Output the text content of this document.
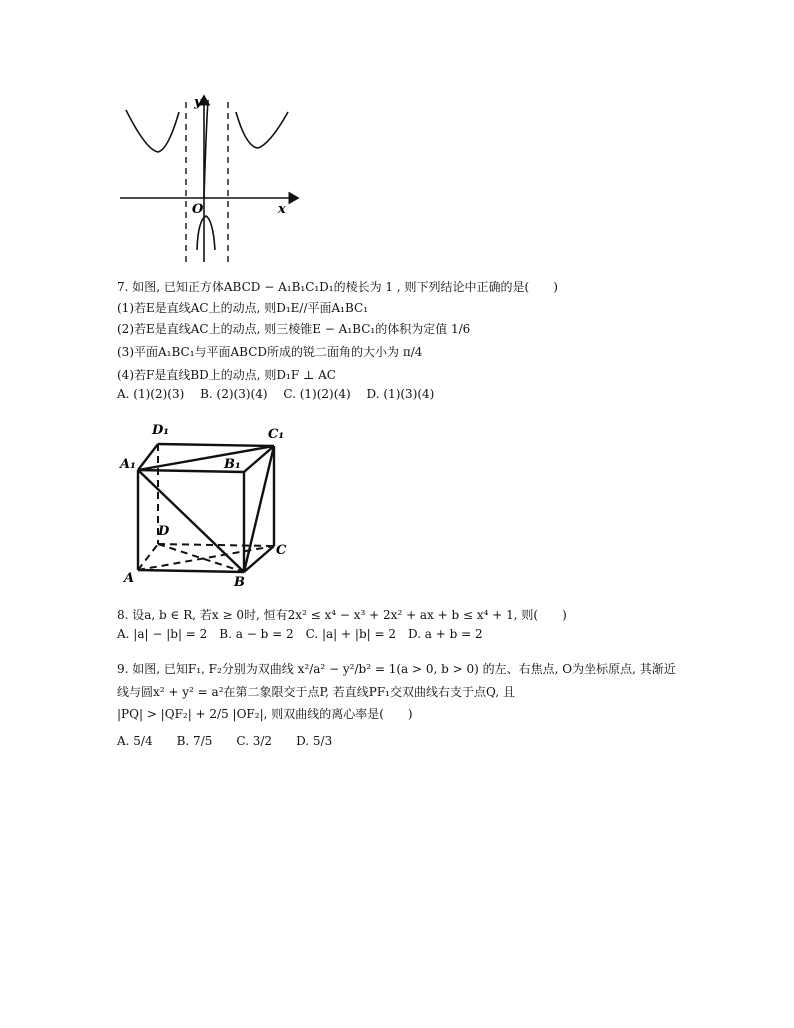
y
x
O
7. 如图, 已知正方体ABCD − A₁B₁C₁D₁的棱长为 1 , 则下列结论中正确的是(　　)
(1)若E是直线AC上的动点, 则D₁E//平面A₁BC₁
(2)若E是直线AC上的动点, 则三棱锥E − A₁BC₁的体积为定值 1/6
(3)平面A₁BC₁与平面ABCD所成的锐二面角的大小为 π/4
(4)若F是直线BD上的动点, 则D₁F ⊥ AC
A. (1)(2)(3)　 B. (2)(3)(4)　 C. (1)(2)(4)　 D. (1)(3)(4)
D₁	C₁
A₁	B₁
D
C
A	B
8. 设a, b ∈ R, 若x ≥ 0时, 恒有2x² ≤ x⁴ − x³ + 2x² + ax + b ≤ x⁴ + 1, 则(　　)
A. |a| − |b| = 2　B. a − b = 2　C. |a| + |b| = 2　D. a + b = 2
9. 如图, 已知F₁, F₂分别为双曲线 x²/a² − y²/b² = 1(a > 0, b > 0) 的左、右焦点, O为坐标原点, 其渐近
线与圆x² + y² = a²在第二象限交于点P, 若直线PF₁交双曲线右支于点Q, 且
|PQ| > |QF₂| + 2/5 |OF₂|, 则双曲线的离心率是(　　)
A. 5/4　　B. 7/5　　C. 3/2　　D. 5/3
